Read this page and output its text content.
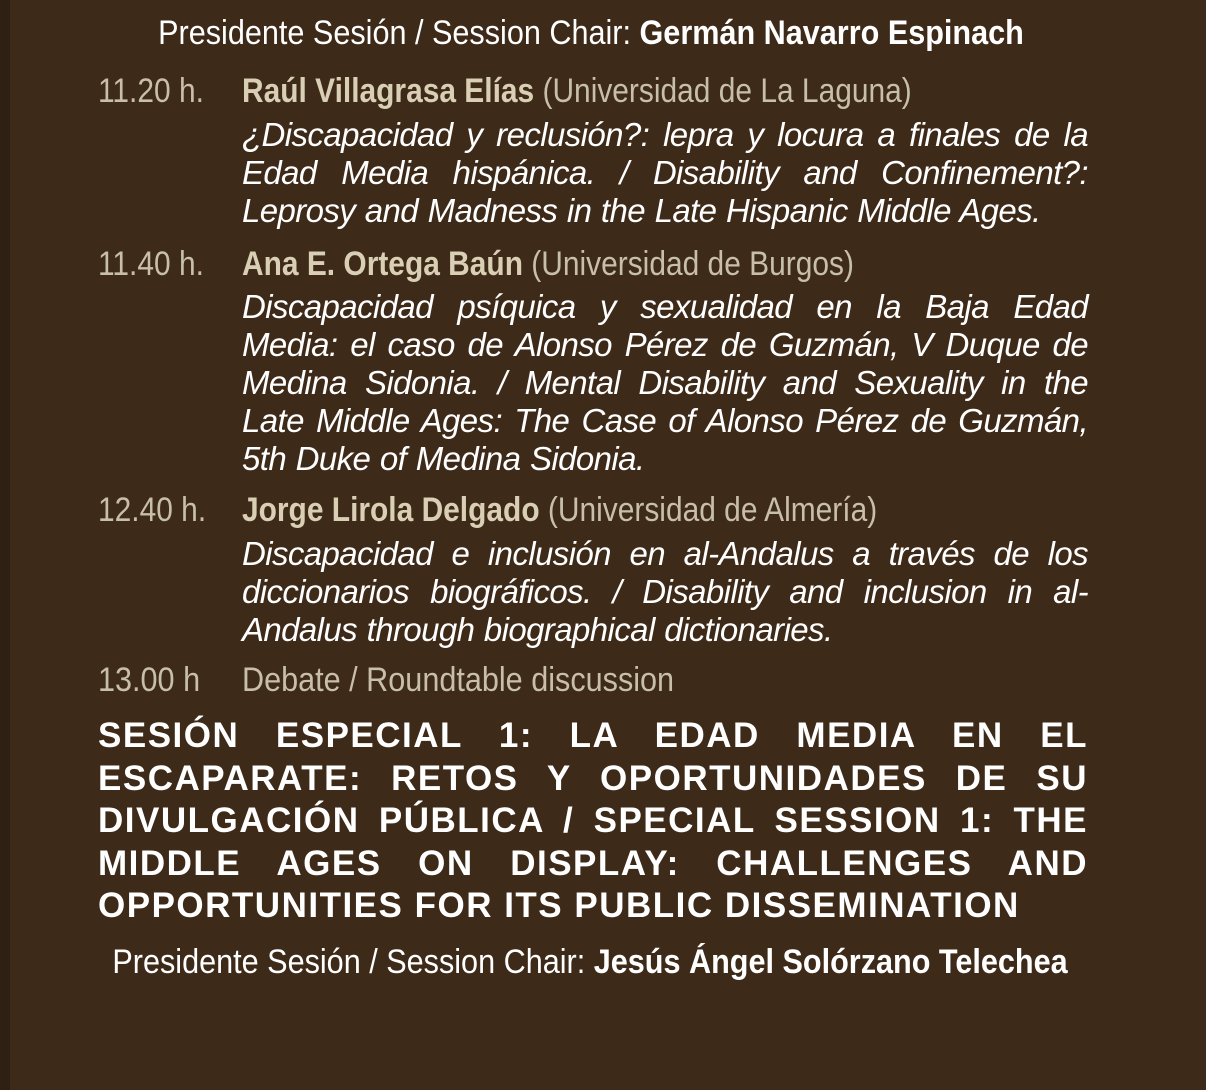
Presidente Sesión / Session Chair: Germán Navarro Espinach
11.20 h. Raúl Villagrasa Elías (Universidad de La Laguna)
¿Discapacidad y reclusión?: lepra y locura a finales de la Edad Media hispánica. / Disability and Confinement?: Leprosy and Madness in the Late Hispanic Middle Ages.
11.40 h. Ana E. Ortega Baún (Universidad de Burgos)
Discapacidad psíquica y sexualidad en la Baja Edad Media: el caso de Alonso Pérez de Guzmán, V Duque de Medina Sidonia. / Mental Disability and Sexuality in the Late Middle Ages: The Case of Alonso Pérez de Guzmán, 5th Duke of Medina Sidonia.
12.40 h. Jorge Lirola Delgado (Universidad de Almería)
Discapacidad e inclusión en al-Andalus a través de los diccionarios biográficos. / Disability and inclusion in al-Andalus through biographical dictionaries.
13.00 h Debate / Roundtable discussion
SESIÓN ESPECIAL 1: LA EDAD MEDIA EN EL ESCAPARATE: RETOS Y OPORTUNIDADES DE SU DIVULGACIÓN PÚBLICA / SPECIAL SESSION 1: THE MIDDLE AGES ON DISPLAY: CHALLENGES AND OPPORTUNITIES FOR ITS PUBLIC DISSEMINATION
Presidente Sesión / Session Chair: Jesús Ángel Solórzano Telechea
